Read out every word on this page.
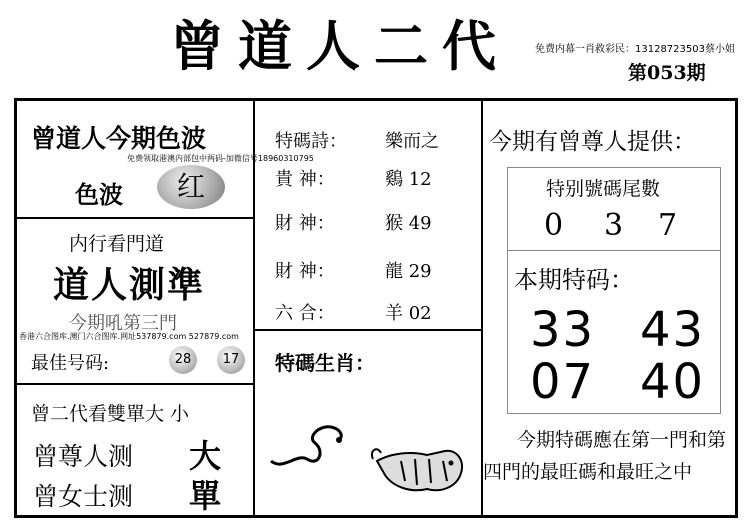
曾道人二代	免费内幕一肖救彩民：13128723503蔡小姐
第053期
曾道人今期色波
免费领取港澳内部包中两码-加微信号18960310795
色波	红
内行看門道
道人測準
今期吼第三門
香港六合图库.澳门六合图库.网址537879.com 527879.com
最佳号码:	28	17
曾二代看雙單大 小
曾尊人测 大
曾女士测 單
特碼詩： 樂而之
貴 神：	鷄 12
財 神：	猴 49
財 神：	龍 29
六 合：	羊 02
特碼生肖：
今期有曾尊人提供：
特别號碼尾數
0 3 7
本期特码：
33 43
07 40
今期特碼應在第一門和第
四門的最旺碼和最旺之中
